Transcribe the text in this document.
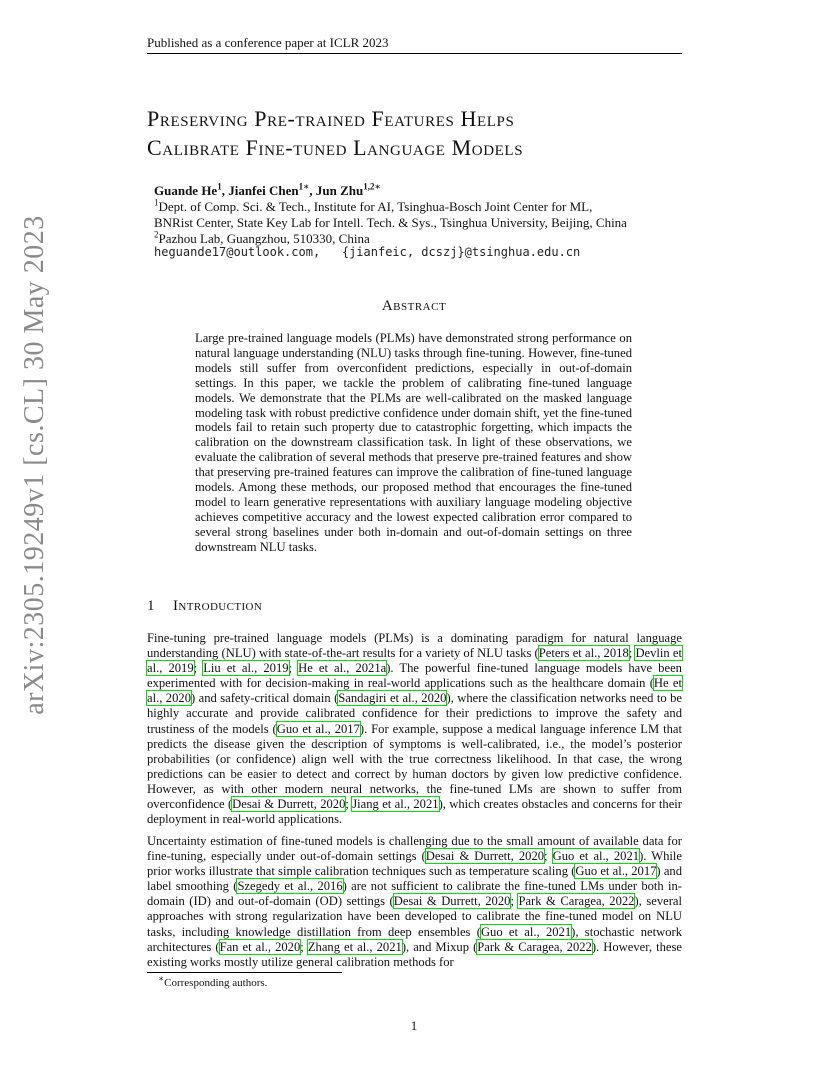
Published as a conference paper at ICLR 2023
arXiv:2305.19249v1 [cs.CL] 30 May 2023
Preserving Pre-trained Features Helps
Calibrate Fine-tuned Language Models
Guande He$^1$, Jianfei Chen$^{1∗}$, Jun Zhu$^{1,2∗}$
$^1$Dept. of Comp. Sci. & Tech., Institute for AI, Tsinghua-Bosch Joint Center for ML,
BNRist Center, State Key Lab for Intell. Tech. & Sys., Tsinghua University, Beijing, China
$^2$Pazhou Lab, Guangzhou, 510330, China
heguande17@outlook.com,   {jianfeic, dcszj}@tsinghua.edu.cn
Abstract
Large pre-trained language models (PLMs) have demonstrated strong performance on natural language understanding (NLU) tasks through fine-tuning. However, fine-tuned models still suffer from overconfident predictions, especially in out-of-domain settings. In this paper, we tackle the problem of calibrating fine-tuned language models. We demonstrate that the PLMs are well-calibrated on the masked language modeling task with robust predictive confidence under domain shift, yet the fine-tuned models fail to retain such property due to catastrophic forgetting, which impacts the calibration on the downstream classification task. In light of these observations, we evaluate the calibration of several methods that preserve pre-trained features and show that preserving pre-trained features can improve the calibration of fine-tuned language models. Among these methods, our proposed method that encourages the fine-tuned model to learn generative representations with auxiliary language modeling objective achieves competitive accuracy and the lowest expected calibration error compared to several strong baselines under both in-domain and out-of-domain settings on three downstream NLU tasks.
1 Introduction
Fine-tuning pre-trained language models (PLMs) is a dominating paradigm for natural language understanding (NLU) with state-of-the-art results for a variety of NLU tasks (Peters et al., 2018; Devlin et al., 2019; Liu et al., 2019; He et al., 2021a). The powerful fine-tuned language models have been experimented with for decision-making in real-world applications such as the healthcare domain (He et al., 2020) and safety-critical domain (Sandagiri et al., 2020), where the classification networks need to be highly accurate and provide calibrated confidence for their predictions to improve the safety and trustiness of the models (Guo et al., 2017). For example, suppose a medical language inference LM that predicts the disease given the description of symptoms is well-calibrated, i.e., the model’s posterior probabilities (or confidence) align well with the true correctness likelihood. In that case, the wrong predictions can be easier to detect and correct by human doctors by given low predictive confidence. However, as with other modern neural networks, the fine-tuned LMs are shown to suffer from overconfidence (Desai & Durrett, 2020; Jiang et al., 2021), which creates obstacles and concerns for their deployment in real-world applications.
Uncertainty estimation of fine-tuned models is challenging due to the small amount of available data for fine-tuning, especially under out-of-domain settings (Desai & Durrett, 2020; Guo et al., 2021). While prior works illustrate that simple calibration techniques such as temperature scaling (Guo et al., 2017) and label smoothing (Szegedy et al., 2016) are not sufficient to calibrate the fine-tuned LMs under both in-domain (ID) and out-of-domain (OD) settings (Desai & Durrett, 2020; Park & Caragea, 2022), several approaches with strong regularization have been developed to calibrate the fine-tuned model on NLU tasks, including knowledge distillation from deep ensembles (Guo et al., 2021), stochastic network architectures (Fan et al., 2020; Zhang et al., 2021), and Mixup (Park & Caragea, 2022). However, these existing works mostly utilize general calibration methods for
∗Corresponding authors.
1
